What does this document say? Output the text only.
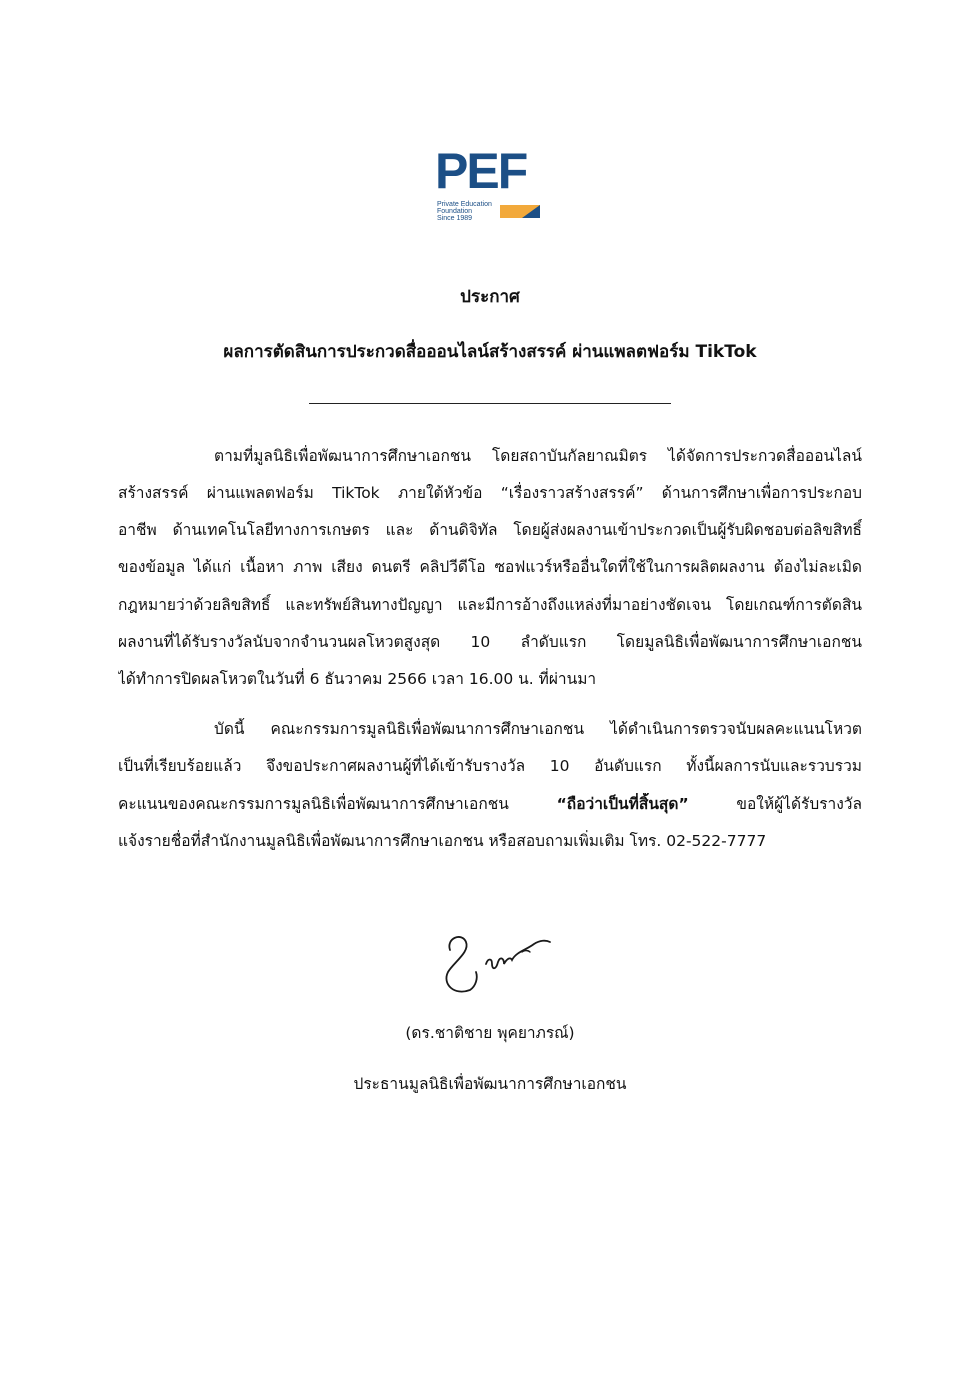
PEF
Private Education
Foundation
Since 1989
ประกาศ
ผลการตัดสินการประกวดสื่อออนไลน์สร้างสรรค์ ผ่านแพลตฟอร์ม TikTok
ตามที่มูลนิธิเพื่อพัฒนาการศึกษาเอกชน โดยสถาบันกัลยาณมิตร ได้จัดการประกวดสื่อออนไลน์
สร้างสรรค์ ผ่านแพลตฟอร์ม TikTok ภายใต้หัวข้อ “เรื่องราวสร้างสรรค์” ด้านการศึกษาเพื่อการประกอบ
อาชีพ ด้านเทคโนโลยีทางการเกษตร และ ด้านดิจิทัล โดยผู้ส่งผลงานเข้าประกวดเป็นผู้รับผิดชอบต่อลิขสิทธิ์
ของข้อมูล ได้แก่ เนื้อหา ภาพ เสียง ดนตรี คลิปวีดีโอ ซอฟแวร์หรืออื่นใดที่ใช้ในการผลิตผลงาน ต้องไม่ละเมิด
กฎหมายว่าด้วยลิขสิทธิ์ และทรัพย์สินทางปัญญา และมีการอ้างถึงแหล่งที่มาอย่างชัดเจน โดยเกณฑ์การตัดสิน
ผลงานที่ได้รับรางวัลนับจากจำนวนผลโหวตสูงสุด 10 ลำดับแรก โดยมูลนิธิเพื่อพัฒนาการศึกษาเอกชน
ได้ทำการปิดผลโหวตในวันที่ 6 ธันวาคม 2566 เวลา 16.00 น. ที่ผ่านมา
บัดนี้ คณะกรรมการมูลนิธิเพื่อพัฒนาการศึกษาเอกชน ได้ดำเนินการตรวจนับผลคะแนนโหวต
เป็นที่เรียบร้อยแล้ว จึงขอประกาศผลงานผู้ที่ได้เข้ารับรางวัล 10 อันดับแรก ทั้งนี้ผลการนับและรวบรวม
คะแนนของคณะกรรมการมูลนิธิเพื่อพัฒนาการศึกษาเอกชน	“ถือว่าเป็นที่สิ้นสุด”	ขอให้ผู้ได้รับรางวัล
แจ้งรายชื่อที่สำนักงานมูลนิธิเพื่อพัฒนาการศึกษาเอกชน หรือสอบถามเพิ่มเติม โทร. 02-522-7777
(ดร.ชาติชาย พุคยาภรณ์)
ประธานมูลนิธิเพื่อพัฒนาการศึกษาเอกชน
